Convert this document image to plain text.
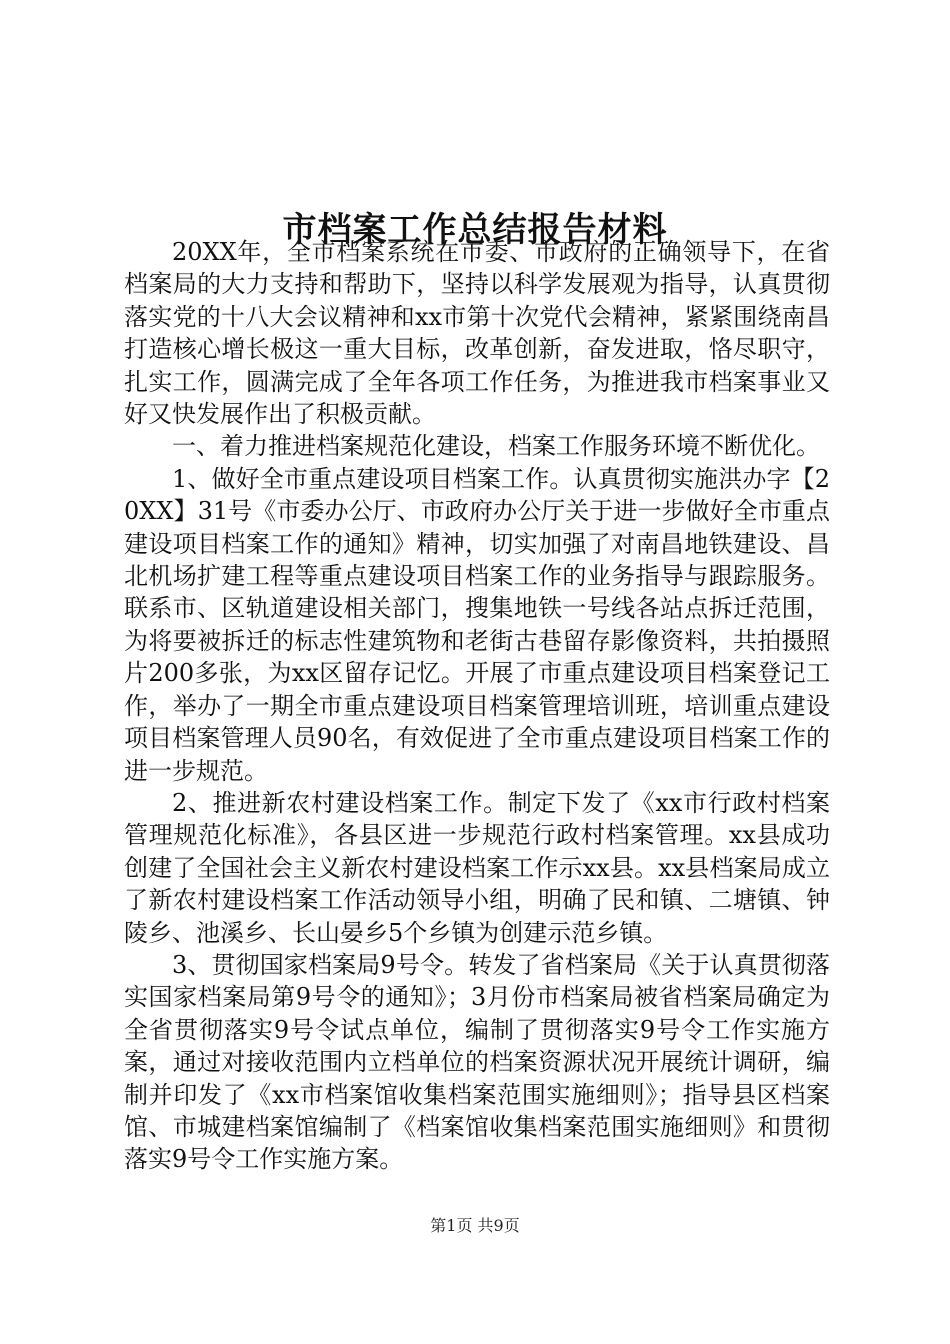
市档案工作总结报告材料

20XX年，全市档案系统在市委、市政府的正确领导下，在省档案局的大力支持和帮助下，坚持以科学发展观为指导，认真贯彻落实党的十八大会议精神和xx市第十次党代会精神，紧紧围绕南昌打造核心增长极这一重大目标，改革创新，奋发进取，恪尽职守，扎实工作，圆满完成了全年各项工作任务，为推进我市档案事业又好又快发展作出了积极贡献。

一、着力推进档案规范化建设，档案工作服务环境不断优化。

1、做好全市重点建设项目档案工作。认真贯彻实施洪办字【20XX】31号《市委办公厅、市政府办公厅关于进一步做好全市重点建设项目档案工作的通知》精神，切实加强了对南昌地铁建设、昌北机场扩建工程等重点建设项目档案工作的业务指导与跟踪服务。联系市、区轨道建设相关部门，搜集地铁一号线各站点拆迁范围，为将要被拆迁的标志性建筑物和老街古巷留存影像资料，共拍摄照片200多张，为xx区留存记忆。开展了市重点建设项目档案登记工作，举办了一期全市重点建设项目档案管理培训班，培训重点建设项目档案管理人员90名，有效促进了全市重点建设项目档案工作的进一步规范。

2、推进新农村建设档案工作。制定下发了《xx市行政村档案管理规范化标准》，各县区进一步规范行政村档案管理。xx县成功创建了全国社会主义新农村建设档案工作示xx县。xx县档案局成立了新农村建设档案工作活动领导小组，明确了民和镇、二塘镇、钟陵乡、池溪乡、长山晏乡5个乡镇为创建示范乡镇。

3、贯彻国家档案局9号令。转发了省档案局《关于认真贯彻落实国家档案局第9号令的通知》；3月份市档案局被省档案局确定为全省贯彻落实9号令试点单位，编制了贯彻落实9号令工作实施方案，通过对接收范围内立档单位的档案资源状况开展统计调研，编制并印发了《xx市档案馆收集档案范围实施细则》；指导县区档案馆、市城建档案馆编制了《档案馆收集档案范围实施细则》和贯彻落实9号令工作实施方案。

第1页 共9页
